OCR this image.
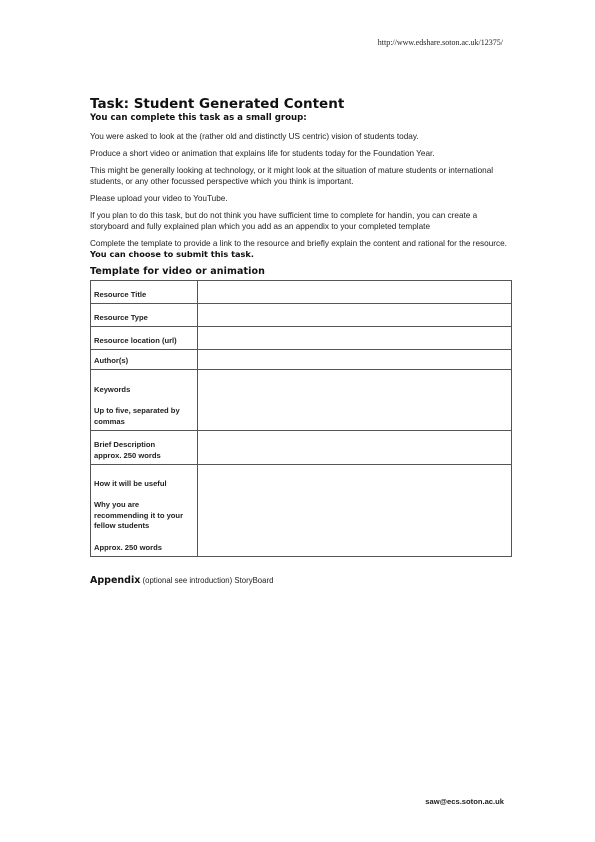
http://www.edshare.soton.ac.uk/12375/
Task: Student Generated Content
You can complete this task as a small group:

You were asked to look at the (rather old and distinctly US centric) vision of students today.

Produce a short video or animation that explains life for students today for the Foundation Year.

This might be generally looking at technology, or it might look at the situation of mature students or international students, or any other focussed perspective which you think is important.

Please upload your video to YouTube.

If you plan to do this task, but do not think you have sufficient time to complete for handin, you can create a storyboard and fully explained plan which you add as an appendix to your completed template

Complete the template to provide a link to the resource and briefly explain the content and rational for the resource. You can choose to submit this task.

Template for video or animation
Resource Title	
Resource Type	
Resource location (url)	
Author(s)	

Keywords
Up to five, separated by commas	

Brief Description
approx. 250 words	

How it will be useful
Why you are recommending it to your fellow students
Approx. 250 words	

Appendix (optional see introduction) StoryBoard
saw@ecs.soton.ac.uk
